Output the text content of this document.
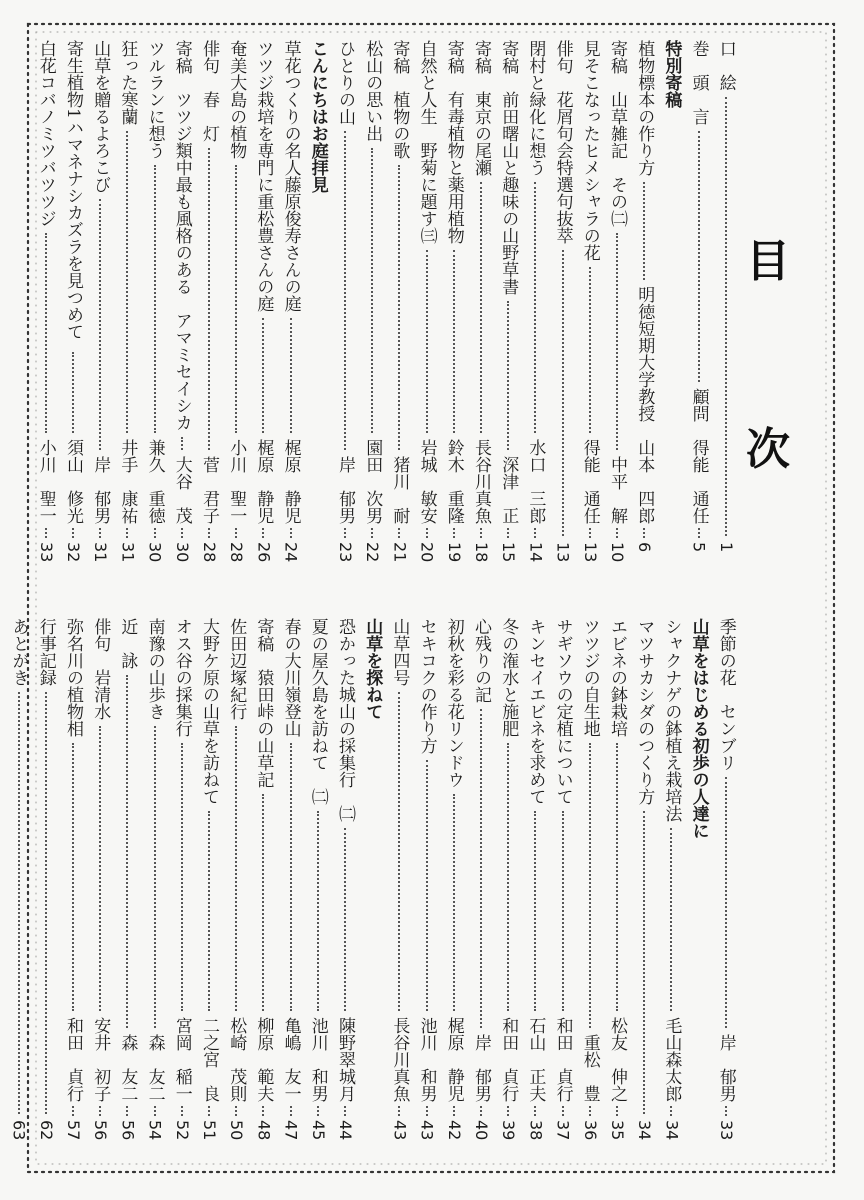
目
次
口　絵
1
巻　頭　言
顧問　得能　通任
5
特別寄稿
植物標本の作り方
明徳短期大学教授　山本　四郎
6
寄稿　山草雑記　その㈡
中平　解
10
見そこなったヒメシャラの花
得能　通任
13
俳句　花屑句会特選句抜萃
13
閉村と緑化に想う
水口　三郎
14
寄稿　前田曙山と趣味の山野草書
深津　正
15
寄稿　東京の尾瀬
長谷川真魚
18
寄稿　有毒植物と薬用植物
鈴木　重隆
19
自然と人生　野菊に題す㈢
岩城　敏安
20
寄稿　植物の歌
猪川　耐
21
松山の思い出
園田　次男
22
ひとりの山
岸　郁男
23
こんにちはお庭拝見
草花つくりの名人藤原俊寿さんの庭
梶原　静児
24
ツツジ栽培を専門に重松豊さんの庭
梶原　静児
26
奄美大島の植物
小川　聖一
28
俳句　春　灯
菅　君子
28
寄稿　ツツジ類中最も風格のある　アマミセイシカ
大谷　茂
30
ツルランに想う
兼久　重徳
30
狂った寒蘭
井手　康祐
31
山草を贈るよろこび
岸　郁男
31
寄生植物1ハマネナシカズラを見つめて
須山　修光
32
白花コバノミツバツツジ
小川　聖一
33
季節の花　センブリ
岸　郁男
33
山草をはじめる初歩の人達に
シャクナゲの鉢植え栽培法
毛山森太郎
34
マツサカシダのつくり方
34
エビネの鉢栽培
松友　伸之
35
ツツジの自生地
重松　豊
36
サギソウの定植について
和田　貞行
37
キンセイエビネを求めて
石山　正夫
38
冬の潅水と施肥
和田　貞行
39
心残りの記
岸　郁男
40
初秋を彩る花リンドウ
梶原　静児
42
セキコクの作り方
池川　和男
43
山草四号
長谷川真魚
43
山草を探ねて
恐かった城山の採集行　㈡
陳野翠城月
44
夏の屋久島を訪ねて　㈡
池川　和男
45
春の大川嶺登山
亀嶋　友一
47
寄稿　猿田峠の山草記
柳原　範夫
48
佐田辺塚紀行
松崎　茂則
50
大野ケ原の山草を訪ねて
二之宮　良
51
オス谷の採集行
宮岡　稲一
52
南豫の山歩き
森　友二
54
近　詠
森　友二
56
俳句　岩清水
安井　初子
56
弥名川の植物相
和田　貞行
57
行事記録
62
あとがき
63
